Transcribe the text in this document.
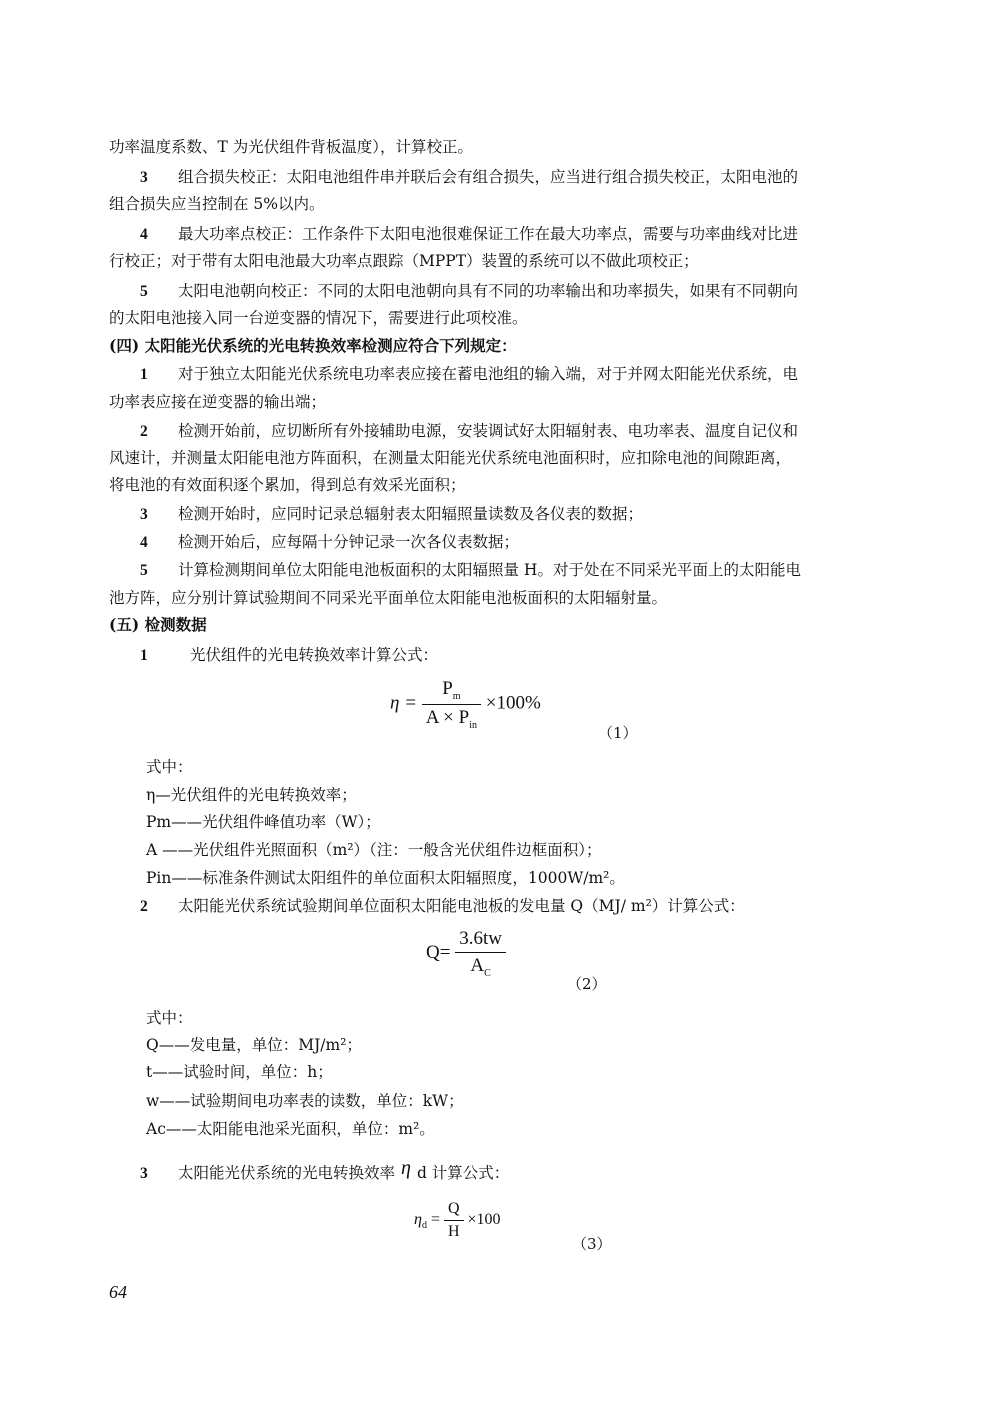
功率温度系数、T 为光伏组件背板温度），计算校正。
3 组合损失校正：太阳电池组件串并联后会有组合损失，应当进行组合损失校正，太阳电池的
组合损失应当控制在 5%以内。
4 最大功率点校正：工作条件下太阳电池很难保证工作在最大功率点，需要与功率曲线对比进
行校正；对于带有太阳电池最大功率点跟踪（MPPT）装置的系统可以不做此项校正；
5 太阳电池朝向校正：不同的太阳电池朝向具有不同的功率输出和功率损失，如果有不同朝向
的太阳电池接入同一台逆变器的情况下，需要进行此项校准。
(四) 太阳能光伏系统的光电转换效率检测应符合下列规定：
1 对于独立太阳能光伏系统电功率表应接在蓄电池组的输入端，对于并网太阳能光伏系统，电
功率表应接在逆变器的输出端；
2 检测开始前，应切断所有外接辅助电源，安装调试好太阳辐射表、电功率表、温度自记仪和
风速计，并测量太阳能电池方阵面积，在测量太阳能光伏系统电池面积时，应扣除电池的间隙距离，
将电池的有效面积逐个累加，得到总有效采光面积；
3 检测开始时，应同时记录总辐射表太阳辐照量读数及各仪表的数据；
4 检测开始后，应每隔十分钟记录一次各仪表数据；
5 计算检测期间单位太阳能电池板面积的太阳辐照量 H。对于处在不同采光平面上的太阳能电
池方阵，应分别计算试验期间不同采光平面单位太阳能电池板面积的太阳辐射量。
(五) 检测数据
1	光伏组件的光电转换效率计算公式：
$\eta = \frac{P_m}{A \times P_{in}} \times 100\%$
（1）
式中：
η—光伏组件的光电转换效率；
Pm——光伏组件峰值功率（W）；
A ——光伏组件光照面积（m²）（注：一般含光伏组件边框面积）；
Pin——标准条件测试太阳组件的单位面积太阳辐照度，1000W/m²。
2 太阳能光伏系统试验期间单位面积太阳能电池板的发电量 Q（MJ/ m²）计算公式：
$Q= \frac{3.6tw}{A_C}$
（2）
式中：
Q——发电量，单位：MJ/m²；
t——试验时间，单位：h；
w——试验期间电功率表的读数，单位：kW；
Ac——太阳能电池采光面积，单位：m²。
3 太阳能光伏系统的光电转换效率 η d 计算公式：
$\eta_d = \frac{Q}{H} \times 100$
（3）
64
